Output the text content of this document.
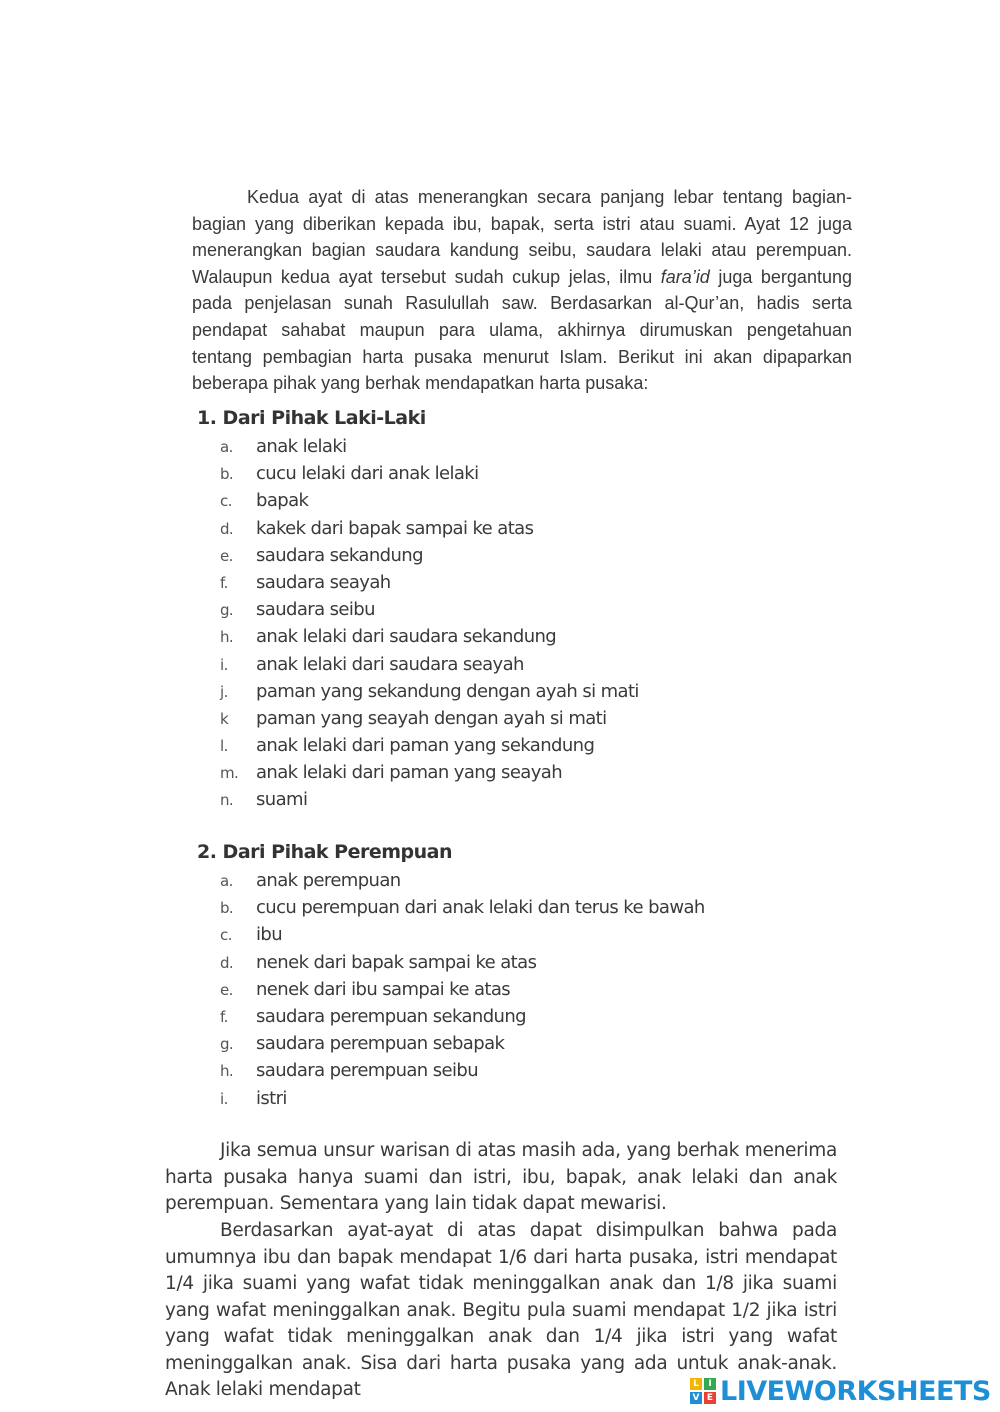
Kedua ayat di atas menerangkan secara panjang lebar tentang bagian-bagian yang diberikan kepada ibu, bapak, serta istri atau suami. Ayat 12 juga menerangkan bagian saudara kandung seibu, saudara lelaki atau perempuan. Walaupun kedua ayat tersebut sudah cukup jelas, ilmu fara’id juga bergantung pada penjelasan sunah Rasulullah saw. Berdasarkan al-Qur’an, hadis serta pendapat sahabat maupun para ulama, akhirnya dirumuskan pengetahuan tentang pembagian harta pusaka menurut Islam. Berikut ini akan dipaparkan beberapa pihak yang berhak mendapatkan harta pusaka:

1. Dari Pihak Laki-Laki
a. anak lelaki
b. cucu lelaki dari anak lelaki
c. bapak
d. kakek dari bapak sampai ke atas
e. saudara sekandung
f. saudara seayah
g. saudara seibu
h. anak lelaki dari saudara sekandung
i. anak lelaki dari saudara seayah
j. paman yang sekandung dengan ayah si mati
k paman yang seayah dengan ayah si mati
l. anak lelaki dari paman yang sekandung
m. anak lelaki dari paman yang seayah
n. suami
2. Dari Pihak Perempuan
a. anak perempuan
b. cucu perempuan dari anak lelaki dan terus ke bawah
c. ibu
d. nenek dari bapak sampai ke atas
e. nenek dari ibu sampai ke atas
f. saudara perempuan sekandung
g. saudara perempuan sebapak
h. saudara perempuan seibu
i. istri

Jika semua unsur warisan di atas masih ada, yang berhak menerima harta pusaka hanya suami dan istri, ibu, bapak, anak lelaki dan anak perempuan. Sementara yang lain tidak dapat mewarisi.

Berdasarkan ayat-ayat di atas dapat disimpulkan bahwa pada umumnya ibu dan bapak mendapat 1/6 dari harta pusaka, istri mendapat 1/4 jika suami yang wafat tidak meninggalkan anak dan 1/8 jika suami yang wafat meninggalkan anak. Begitu pula suami mendapat 1/2 jika istri yang wafat tidak meninggalkan anak dan 1/4 jika istri yang wafat meninggalkan anak. Sisa dari harta pusaka yang ada untuk anak-anak. Anak lelaki mendapat	L	I
V E LIVEWORKSHEETS
